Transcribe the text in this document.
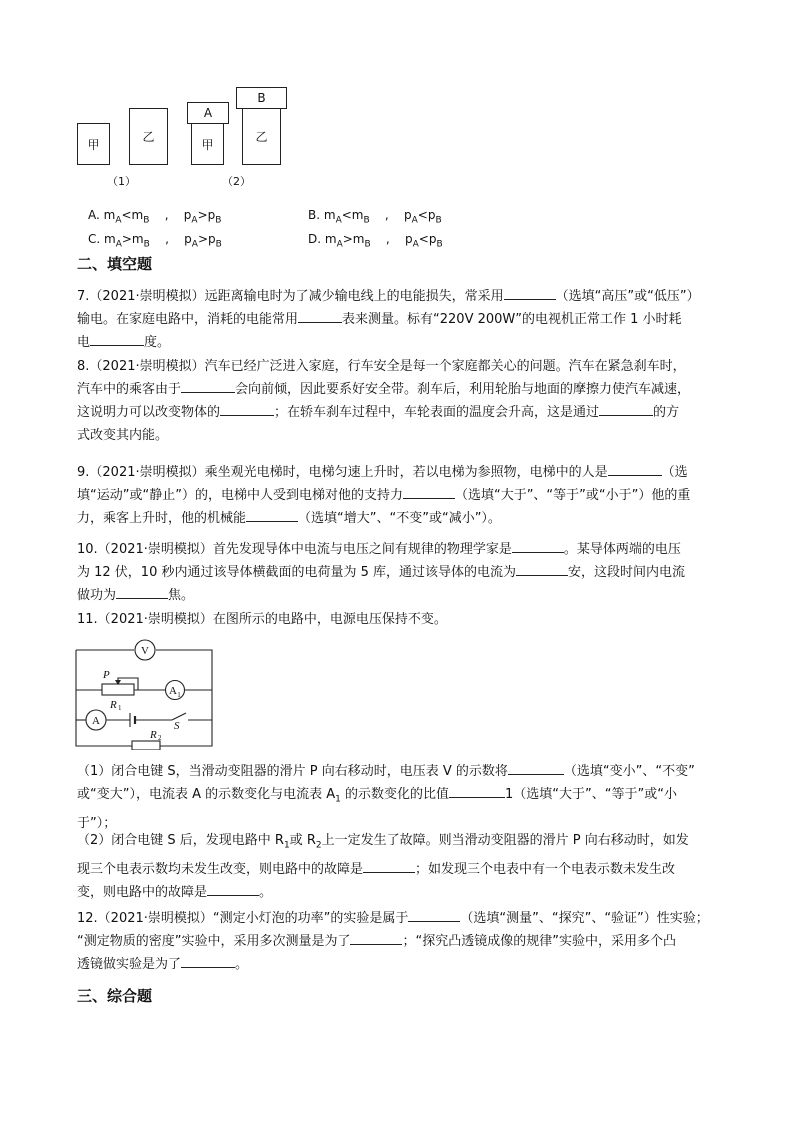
甲
乙
A
甲
B
乙
（1）	（2）
A. $m_A<m_B$    ,    $p_A>p_B$	B. $m_A<m_B$    ,    $p_A<p_B$
C. $m_A>m_B$    ,    $p_A>p_B$	D. $m_A>m_B$    ,    $p_A<p_B$
二、填空题
7.（2021·崇明模拟）远距离输电时为了减少输电线上的电能损失，常采用	（选填“高压”或“低压”）
输电。在家庭电路中，消耗的电能常用	表来测量。标有“220V 200W”的电视机正常工作 1 小时耗
电	度。
8.（2021·崇明模拟）汽车已经广泛进入家庭，行车安全是每一个家庭都关心的问题。汽车在紧急刹车时，
汽车中的乘客由于	会向前倾，因此要系好安全带。刹车后，利用轮胎与地面的摩擦力使汽车减速，
这说明力可以改变物体的	；在轿车刹车过程中，车轮表面的温度会升高，这是通过	的方
式改变其内能。
9.（2021·崇明模拟）乘坐观光电梯时，电梯匀速上升时，若以电梯为参照物，电梯中的人是	（选
填“运动”或“静止”）的，电梯中人受到电梯对他的支持力	（选填“大于”、“等于”或“小于”）他的重
力，乘客上升时，他的机械能	（选填“增大”、“不变”或“减小”）。
10.（2021·崇明模拟）首先发现导体中电流与电压之间有规律的物理学家是	。某导体两端的电压
为 12 伏，10 秒内通过该导体横截面的电荷量为 5 库，通过该导体的电流为	安，这段时间内电流
做功为	焦。
11.（2021·崇明模拟）在图所示的电路中，电源电压保持不变。
V
A 1
A
P
R 1
S
R 2
（1）闭合电键 S，当滑动变阻器的滑片 P 向右移动时，电压表 V 的示数将	（选填“变小”、“不变”
或“变大”），电流表 A 的示数变化与电流表 $A_1$ 的示数变化的比值	1（选填“大于”、“等于”或“小
于”）；
（2）闭合电键 S 后，发现电路中 $R_1$或 $R_2$上一定发生了故障。则当滑动变阻器的滑片 P 向右移动时，如发
现三个电表示数均未发生改变，则电路中的故障是	；如发现三个电表中有一个电表示数未发生改
变，则电路中的故障是	。
12.（2021·崇明模拟）“测定小灯泡的功率”的实验是属于	（选填“测量”、“探究”、“验证”）性实验；
“测定物质的密度”实验中，采用多次测量是为了	；“探究凸透镜成像的规律”实验中，采用多个凸
透镜做实验是为了	。
三、综合题
